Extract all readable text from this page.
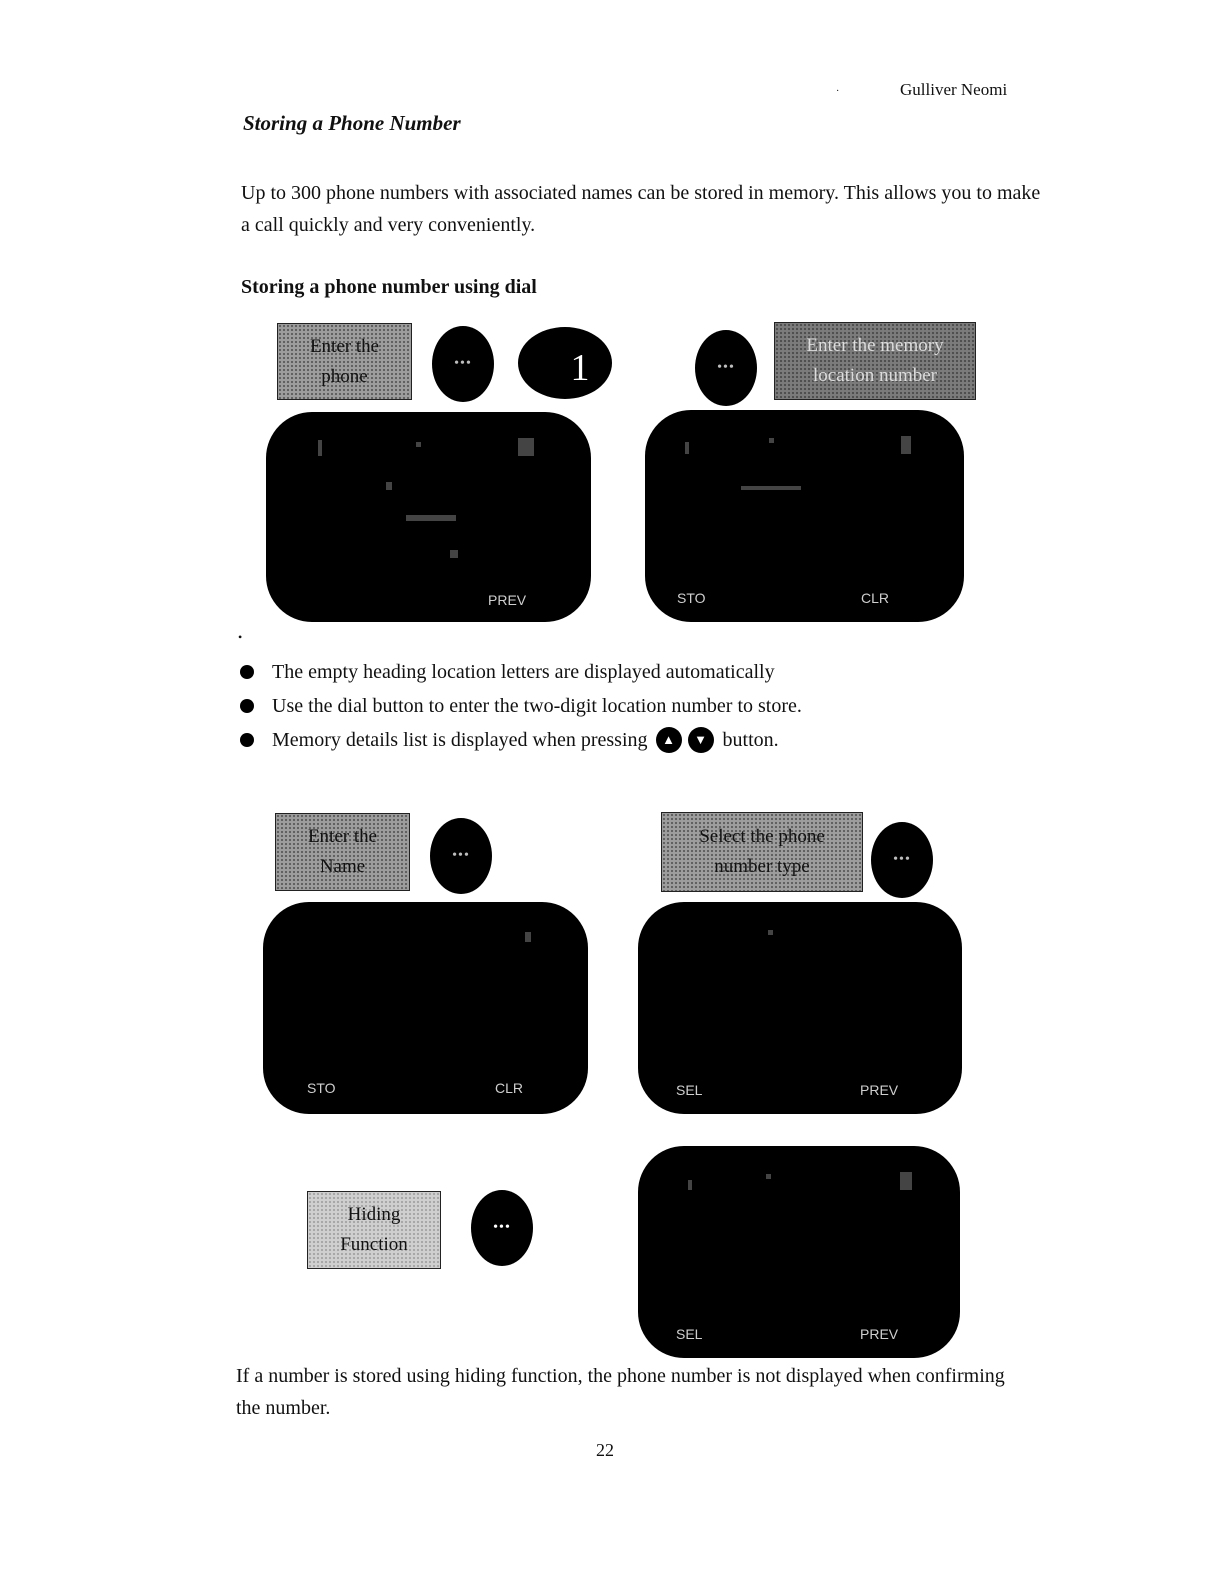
·	Gulliver Neomi
Storing a Phone Number
Up to 300 phone numbers with associated names can be stored in memory. This allows you to make a call quickly and very conveniently.
Storing a phone number using dial
Enter the
phone
•••	1
PREV
•••
Enter the memory
location number
STO	CLR
•
The empty heading location letters are displayed automatically
Use the dial button to enter the two-digit location number to store.
Memory details list is displayed when pressing	▲	▼ button.
Enter the
Name
•••
STO	CLR
Select the phone
number type	•••
SEL	PREV
Hiding
Function
•••
SEL	PREV
If a number is stored using hiding function, the phone number is not displayed when confirming the number.
22
